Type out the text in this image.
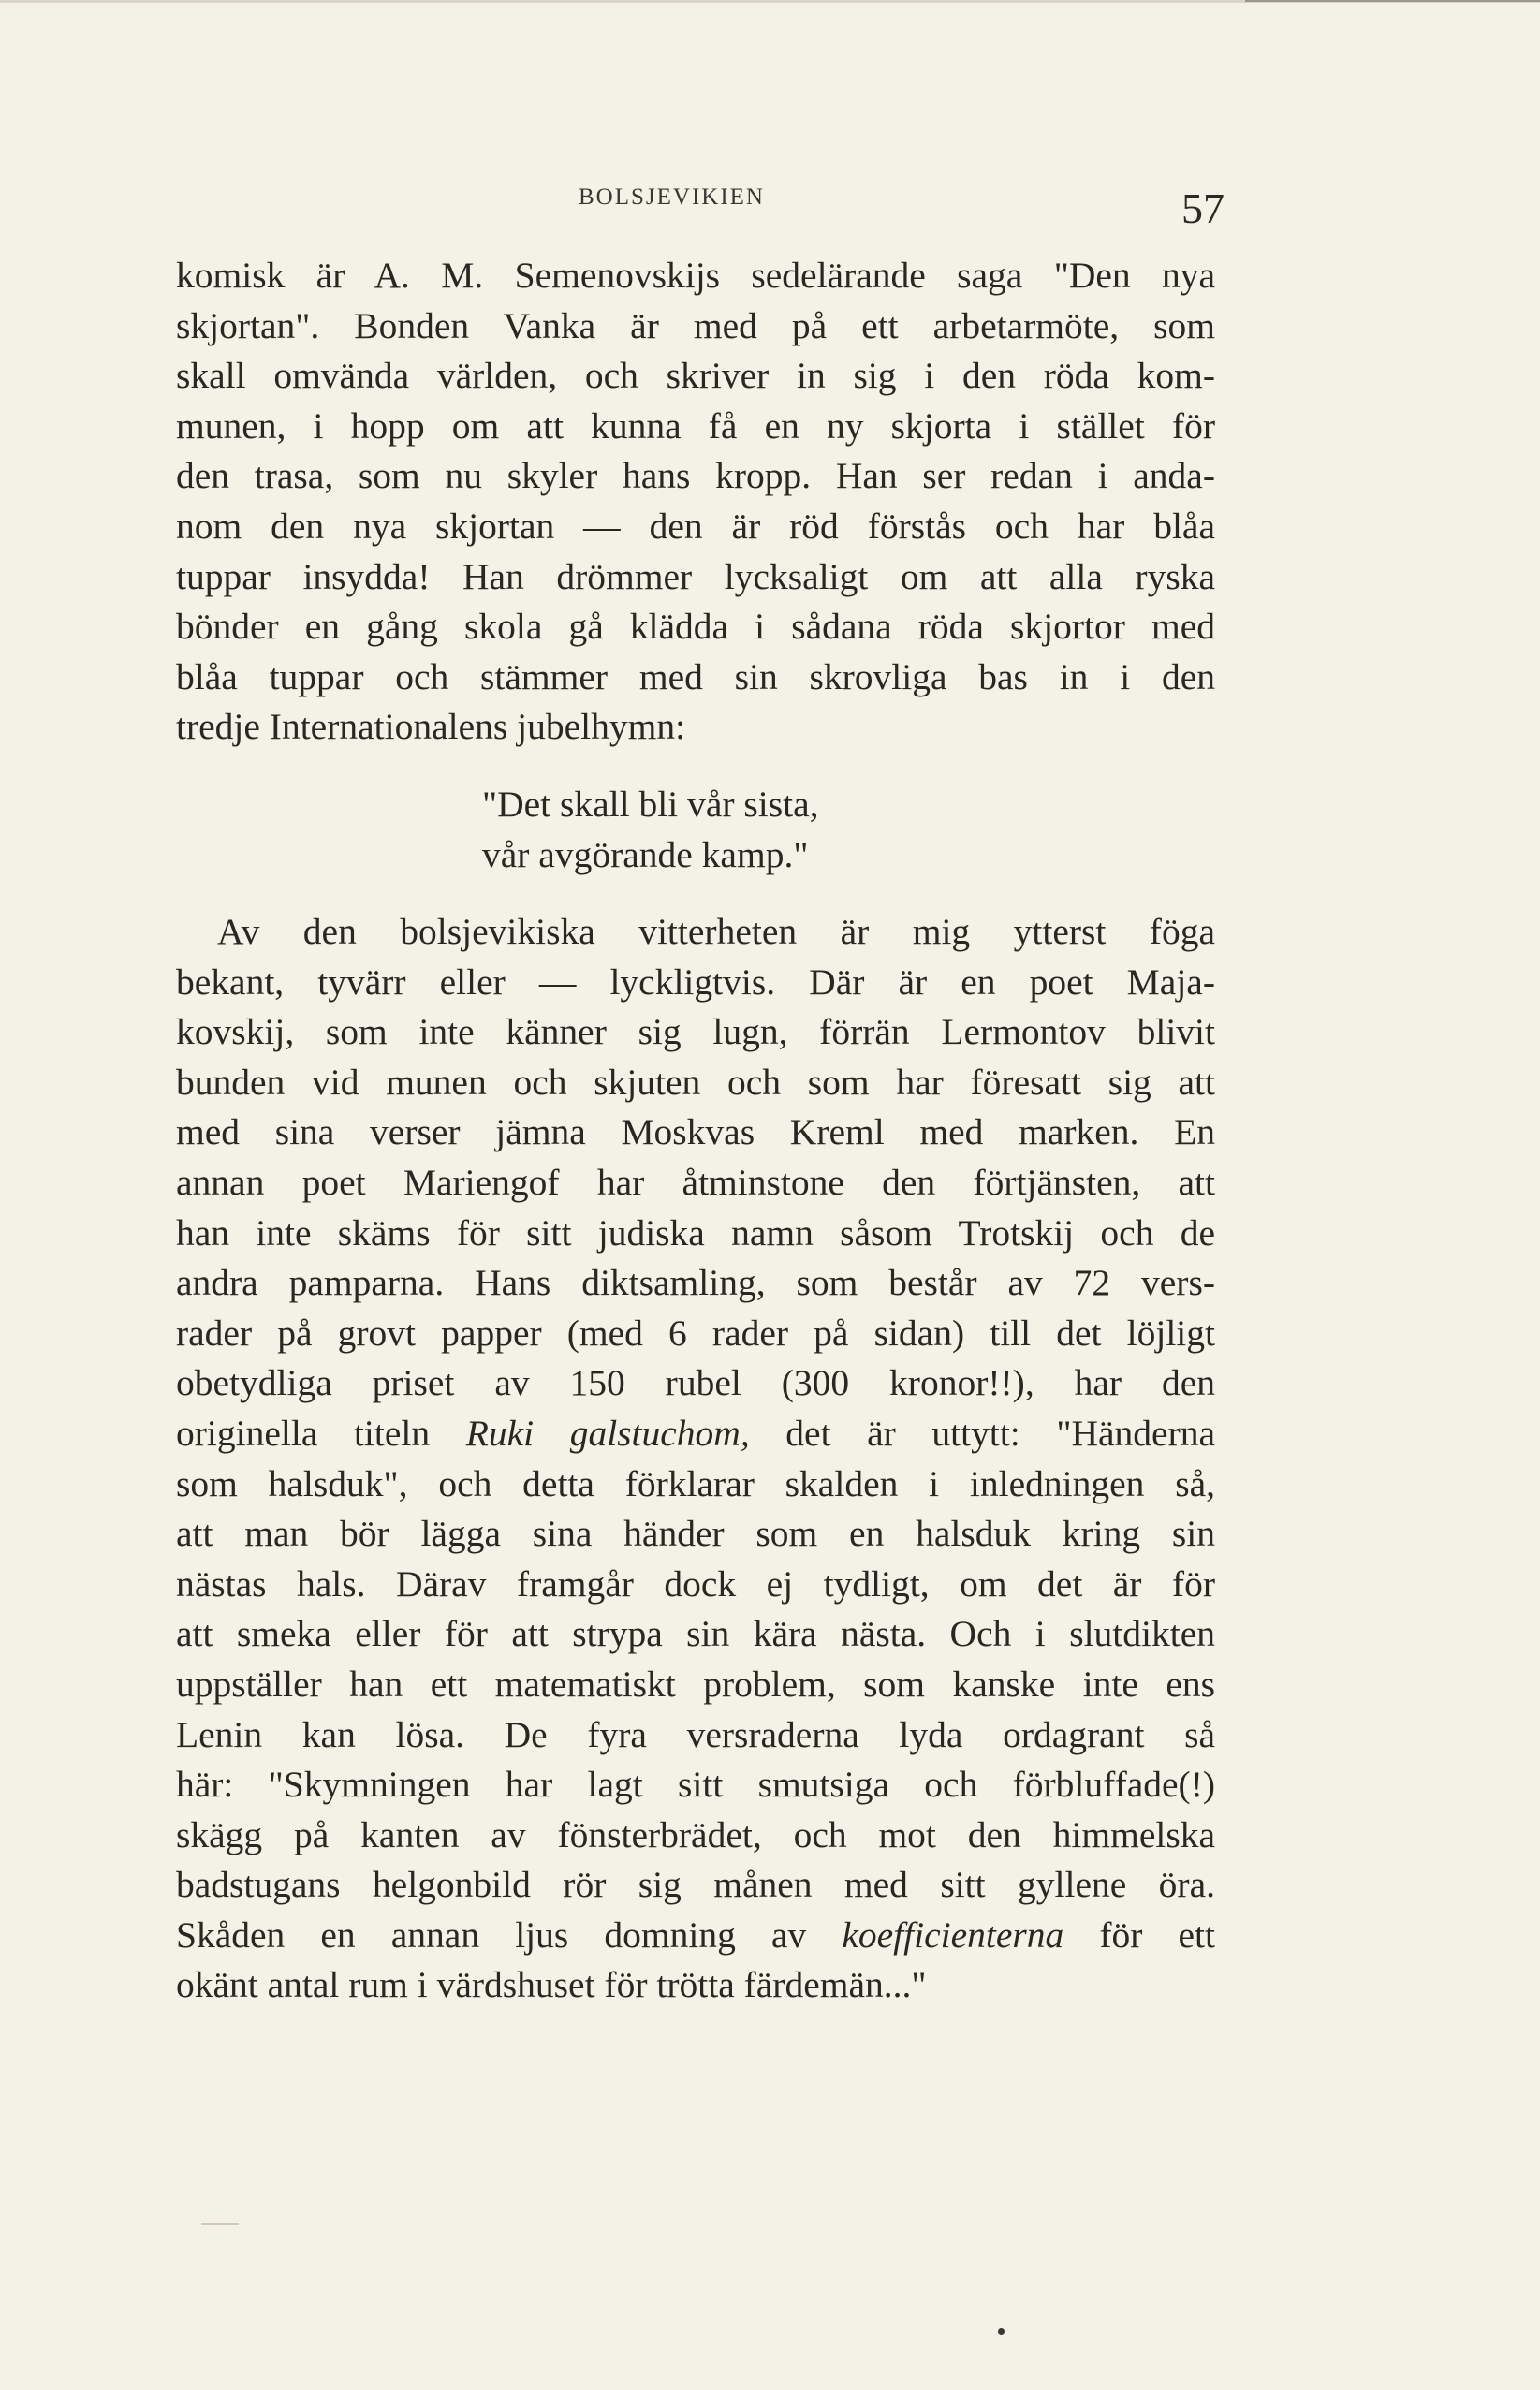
BOLSJEVIKIEN	57
komisk är A. M. Semenovskijs sedelärande saga "Den nya
skjortan". Bonden Vanka är med på ett arbetarmöte, som
skall omvända världen, och skriver in sig i den röda kom-
munen, i hopp om att kunna få en ny skjorta i stället för
den trasa, som nu skyler hans kropp. Han ser redan i anda-
nom den nya skjortan — den är röd förstås och har blåa
tuppar insydda! Han drömmer lycksaligt om att alla ryska
bönder en gång skola gå klädda i sådana röda skjortor med
blåa tuppar och stämmer med sin skrovliga bas in i den
tredje Internationalens jubelhymn:
"Det skall bli vår sista,
vår avgörande kamp."
Av den bolsjevikiska vitterheten är mig ytterst föga
bekant, tyvärr eller — lyckligtvis. Där är en poet Maja-
kovskij, som inte känner sig lugn, förrän Lermontov blivit
bunden vid munen och skjuten och som har föresatt sig att
med sina verser jämna Moskvas Kreml med marken. En
annan poet Mariengof har åtminstone den förtjänsten, att
han inte skäms för sitt judiska namn såsom Trotskij och de
andra pamparna. Hans diktsamling, som består av 72 vers-
rader på grovt papper (med 6 rader på sidan) till det löjligt
obetydliga priset av 150 rubel (300 kronor!!), har den
originella titeln Ruki galstuchom, det är uttytt: "Händerna
som halsduk", och detta förklarar skalden i inledningen så,
att man bör lägga sina händer som en halsduk kring sin
nästas hals. Därav framgår dock ej tydligt, om det är för
att smeka eller för att strypa sin kära nästa. Och i slutdikten
uppställer han ett matematiskt problem, som kanske inte ens
Lenin kan lösa. De fyra versraderna lyda ordagrant så
här: "Skymningen har lagt sitt smutsiga och förbluffade(!)
skägg på kanten av fönsterbrädet, och mot den himmelska
badstugans helgonbild rör sig månen med sitt gyllene öra.
Skåden en annan ljus domning av koefficienterna för ett
okänt antal rum i värdshuset för trötta färdemän..."
